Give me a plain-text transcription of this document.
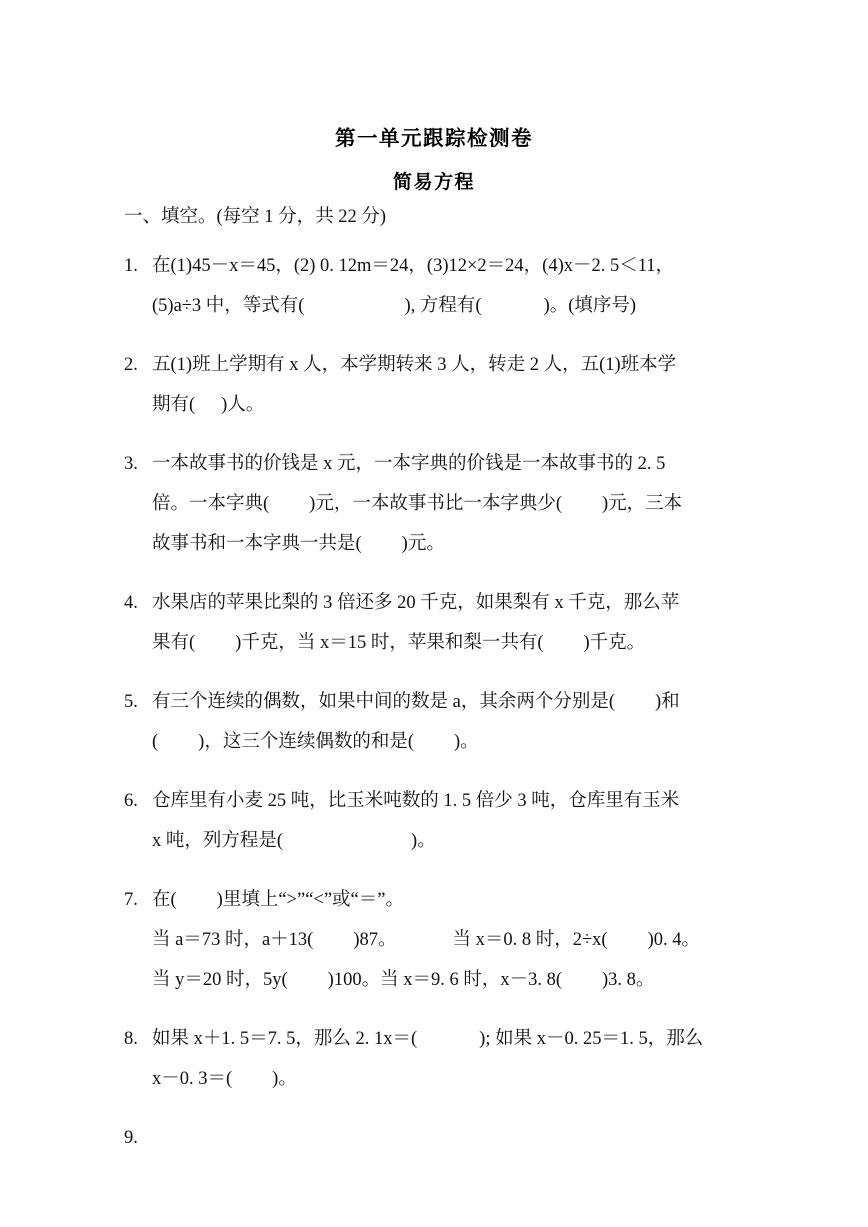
第一单元跟踪检测卷
简易方程
一、填空。(每空 1 分，共 22 分)
1. 在(1)45－x＝45，(2) 0. 12m＝24，(3)12×2＝24，(4)x－2. 5＜11，
(5)a÷3 中，等式有(	), 方程有(	)。(填序号)
2. 五(1)班上学期有 x 人，本学期转来 3 人，转走 2 人，五(1)班本学
期有( )人。
3. 一本故事书的价钱是 x 元，一本字典的价钱是一本故事书的 2. 5
倍。一本字典( )元，一本故事书比一本字典少( )元，三本
故事书和一本字典一共是( )元。
4. 水果店的苹果比梨的 3 倍还多 20 千克，如果梨有 x 千克，那么苹
果有( )千克，当 x＝15 时，苹果和梨一共有( )千克。
5. 有三个连续的偶数，如果中间的数是 a，其余两个分别是( )和
( )，这三个连续偶数的和是( )。
6. 仓库里有小麦 25 吨，比玉米吨数的 1. 5 倍少 3 吨，仓库里有玉米
x 吨，列方程是(	)。
7. 在( )里填上“>”“<”或“＝”。
当 a＝73 时，a＋13( )87。	当 x＝0. 8 时，2÷x( )0. 4。
当 y＝20 时，5y( )100。当 x＝9. 6 时，x－3. 8( )3. 8。
8. 如果 x＋1. 5＝7. 5，那么 2. 1x＝(	); 如果 x－0. 25＝1. 5，那么
x－0. 3＝( )。
9.
